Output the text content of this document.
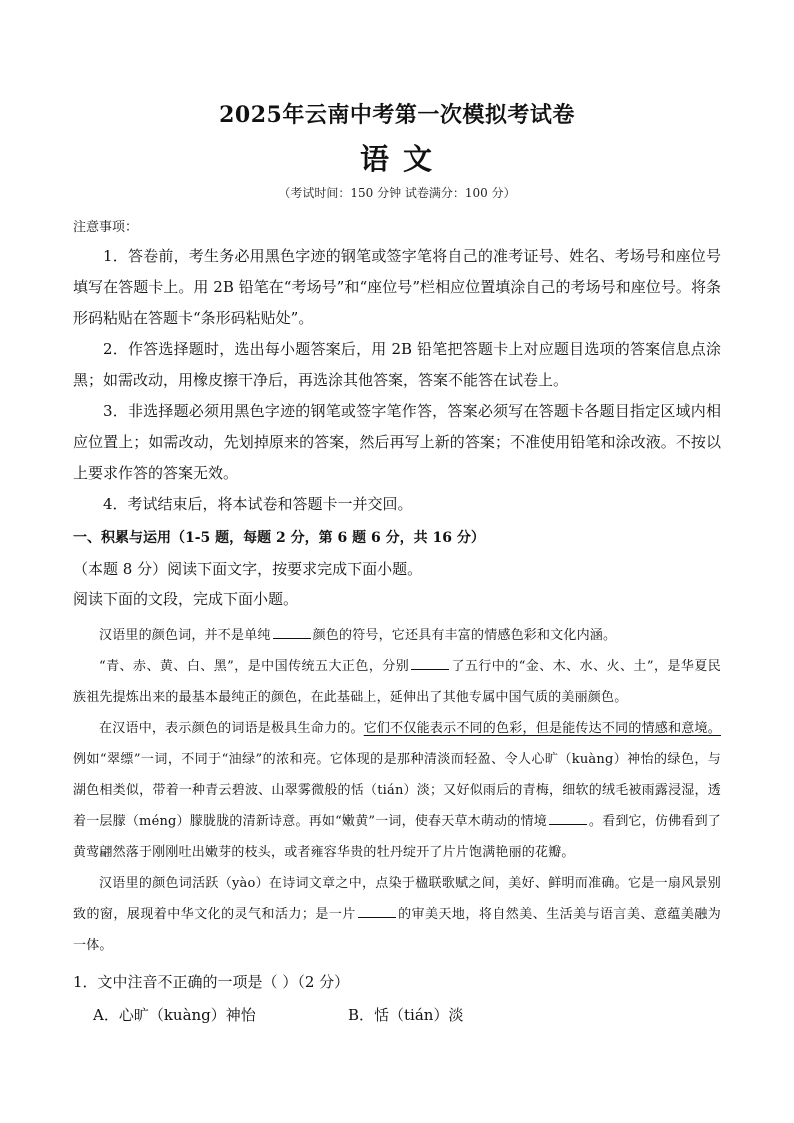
2025年云南中考第一次模拟考试卷
语 文
（考试时间：150 分钟 试卷满分：100 分）
注意事项：

1．答卷前，考生务必用黑色字迹的钢笔或签字笔将自己的准考证号、姓名、考场号和座位号填写在答题卡上。用 2B 铅笔在“考场号”和“座位号”栏相应位置填涂自己的考场号和座位号。将条形码粘贴在答题卡“条形码粘贴处”。

2．作答选择题时，选出每小题答案后，用 2B 铅笔把答题卡上对应题目选项的答案信息点涂黑；如需改动，用橡皮擦干净后，再选涂其他答案，答案不能答在试卷上。

3．非选择题必须用黑色字迹的钢笔或签字笔作答，答案必须写在答题卡各题目指定区域内相应位置上；如需改动，先划掉原来的答案，然后再写上新的答案；不准使用铅笔和涂改液。不按以上要求作答的答案无效。

4．考试结束后，将本试卷和答题卡一并交回。

一、积累与运用（1-5 题，每题 2 分，第 6 题 6 分，共 16 分）

（本题 8 分）阅读下面文字，按要求完成下面小题。

阅读下面的文段，完成下面小题。

汉语里的颜色词，并不是单纯	颜色的符号，它还具有丰富的情感色彩和文化内涵。

“青、赤、黄、白、黑”，是中国传统五大正色，分别	了五行中的“金、木、水、火、土”，是华夏民族祖先提炼出来的最基本最纯正的颜色，在此基础上，延伸出了其他专属中国气质的美丽颜色。

在汉语中，表示颜色的词语是极具生命力的。它们不仅能表示不同的色彩，但是能传达不同的情感和意境。例如“翠缥”一词，不同于“油绿”的浓和亮。它体现的是那种清淡而轻盈、令人心旷（kuàng）神怡的绿色，与湖色相类似，带着一种青云碧波、山翠雾微般的恬（tián）淡；又好似雨后的青梅，细软的绒毛被雨露浸湿，透着一层朦（méng）朦胧胧的清新诗意。再如“嫩黄”一词，使春天草木萌动的情境	。看到它，仿佛看到了黄莺翩然落于刚刚吐出嫩芽的枝头，或者雍容华贵的牡丹绽开了片片饱满艳丽的花瓣。

汉语里的颜色词活跃（yào）在诗词文章之中，点染于楹联歌赋之间，美好、鲜明而准确。它是一扇风景别致的窗，展现着中华文化的灵气和活力；是一片	的审美天地，将自然美、生活美与语言美、意蕴美融为一体。

1．文中注音不正确的一项是（ ）（2 分）
A．心旷（kuàng）神怡	B．恬（tián）淡
